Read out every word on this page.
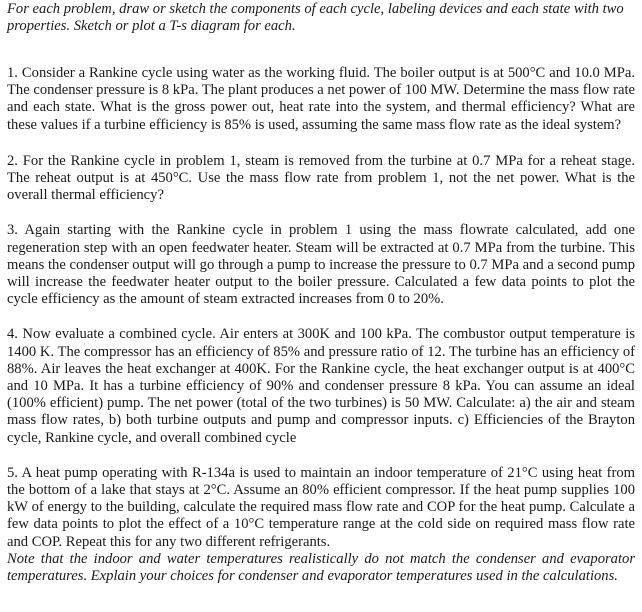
For each problem, draw or sketch the components of each cycle, labeling devices and each state with two properties. Sketch or plot a T-s diagram for each.

1. Consider a Rankine cycle using water as the working fluid. The boiler output is at 500°C and 10.0 MPa. The condenser pressure is 8 kPa. The plant produces a net power of 100 MW. Determine the mass flow rate and each state. What is the gross power out, heat rate into the system, and thermal efficiency? What are these values if a turbine efficiency is 85% is used, assuming the same mass flow rate as the ideal system?

2. For the Rankine cycle in problem 1, steam is removed from the turbine at 0.7 MPa for a reheat stage. The reheat output is at 450°C. Use the mass flow rate from problem 1, not the net power. What is the overall thermal efficiency?

3. Again starting with the Rankine cycle in problem 1 using the mass flowrate calculated, add one regeneration step with an open feedwater heater. Steam will be extracted at 0.7 MPa from the turbine. This means the condenser output will go through a pump to increase the pressure to 0.7 MPa and a second pump will increase the feedwater heater output to the boiler pressure. Calculated a few data points to plot the cycle efficiency as the amount of steam extracted increases from 0 to 20%.

4. Now evaluate a combined cycle. Air enters at 300K and 100 kPa. The combustor output temperature is 1400 K. The compressor has an efficiency of 85% and pressure ratio of 12. The turbine has an efficiency of 88%. Air leaves the heat exchanger at 400K. For the Rankine cycle, the heat exchanger output is at 400°C and 10 MPa. It has a turbine efficiency of 90% and condenser pressure 8 kPa. You can assume an ideal (100% efficient) pump. The net power (total of the two turbines) is 50 MW. Calculate: a) the air and steam mass flow rates, b) both turbine outputs and pump and compressor inputs. c) Efficiencies of the Brayton cycle, Rankine cycle, and overall combined cycle

5. A heat pump operating with R-134a is used to maintain an indoor temperature of 21°C using heat from the bottom of a lake that stays at 2°C. Assume an 80% efficient compressor. If the heat pump supplies 100 kW of energy to the building, calculate the required mass flow rate and COP for the heat pump. Calculate a few data points to plot the effect of a 10°C temperature range at the cold side on required mass flow rate and COP. Repeat this for any two different refrigerants.
Note that the indoor and water temperatures realistically do not match the condenser and evaporator temperatures. Explain your choices for condenser and evaporator temperatures used in the calculations.
